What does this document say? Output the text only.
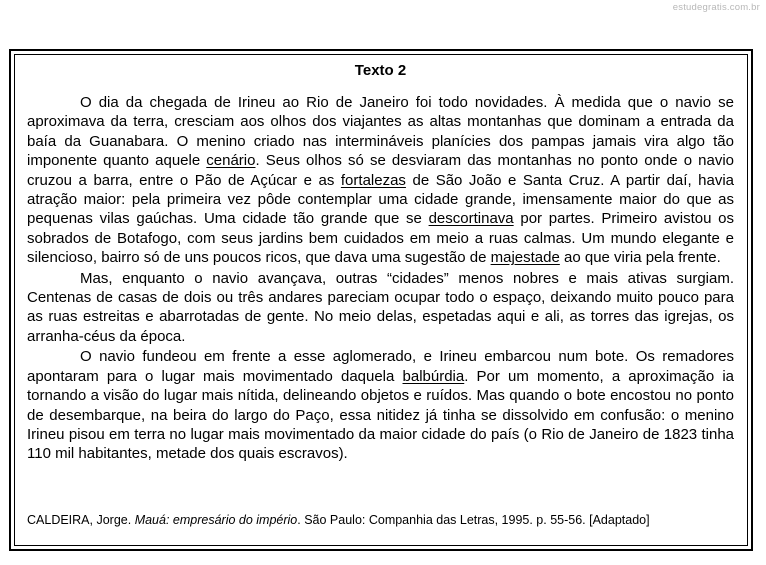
estudegratis.com.br
Texto 2

O dia da chegada de Irineu ao Rio de Janeiro foi todo novidades. À medida que o navio se aproximava da terra, cresciam aos olhos dos viajantes as altas montanhas que dominam a entrada da baía da Guanabara. O menino criado nas intermináveis planícies dos pampas jamais vira algo tão imponente quanto aquele cenário. Seus olhos só se desviaram das montanhas no ponto onde o navio cruzou a barra, entre o Pão de Açúcar e as fortalezas de São João e Santa Cruz. A partir daí, havia atração maior: pela primeira vez pôde contemplar uma cidade grande, imensamente maior do que as pequenas vilas gaúchas. Uma cidade tão grande que se descortinava por partes. Primeiro avistou os sobrados de Botafogo, com seus jardins bem cuidados em meio a ruas calmas. Um mundo elegante e silencioso, bairro só de uns poucos ricos, que dava uma sugestão de majestade ao que viria pela frente.

Mas, enquanto o navio avançava, outras “cidades” menos nobres e mais ativas surgiam. Centenas de casas de dois ou três andares pareciam ocupar todo o espaço, deixando muito pouco para as ruas estreitas e abarrotadas de gente. No meio delas, espetadas aqui e ali, as torres das igrejas, os arranha-céus da época.

O navio fundeou em frente a esse aglomerado, e Irineu embarcou num bote. Os remadores apontaram para o lugar mais movimentado daquela balbúrdia. Por um momento, a aproximação ia tornando a visão do lugar mais nítida, delineando objetos e ruídos. Mas quando o bote encostou no ponto de desembarque, na beira do largo do Paço, essa nitidez já tinha se dissolvido em confusão: o menino Irineu pisou em terra no lugar mais movimentado da maior cidade do país (o Rio de Janeiro de 1823 tinha 110 mil habitantes, metade dos quais escravos).

CALDEIRA, Jorge. Mauá: empresário do império. São Paulo: Companhia das Letras, 1995. p. 55-56. [Adaptado]
